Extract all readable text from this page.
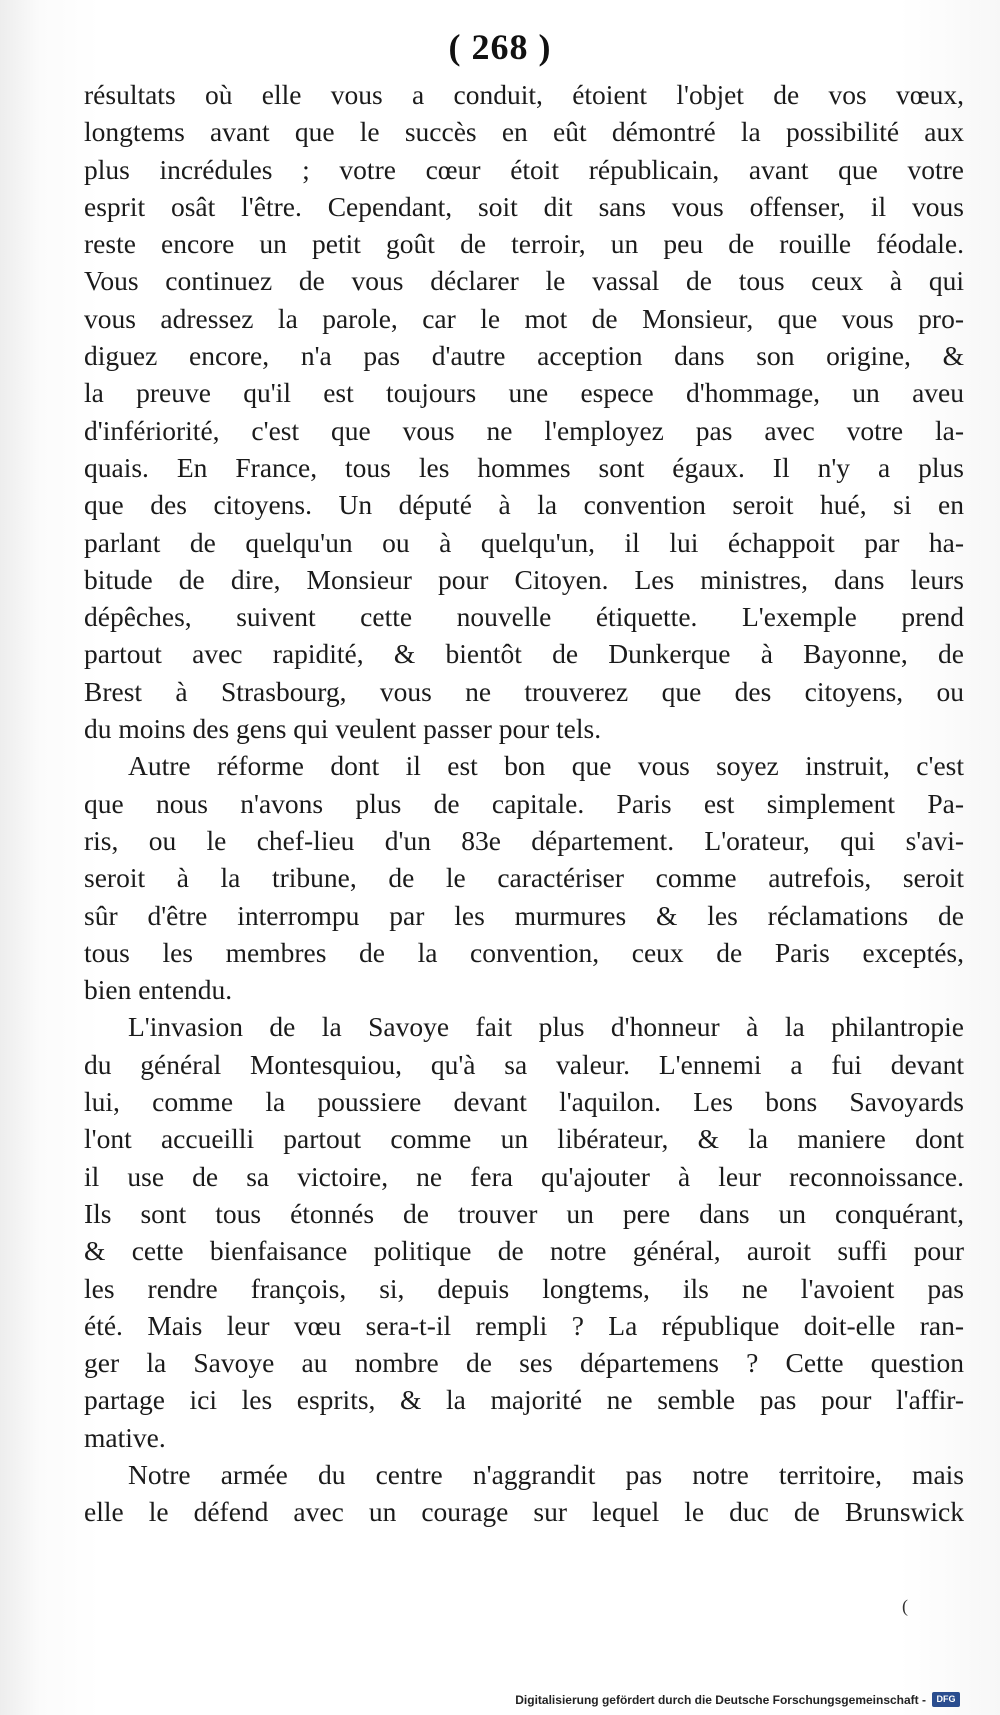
( 268 )
résultats où elle vous a conduit, étoient l'objet de vos vœux,
longtems avant que le succès en eût démontré la possibilité aux
plus incrédules ; votre cœur étoit républicain, avant que votre
esprit osât l'être. Cependant, soit dit sans vous offenser, il vous
reste encore un petit goût de terroir, un peu de rouille féodale.
Vous continuez de vous déclarer le vassal de tous ceux à qui
vous adressez la parole, car le mot de Monsieur, que vous pro-
diguez encore, n'a pas d'autre acception dans son origine, &
la preuve qu'il est toujours une espece d'hommage, un aveu
d'infériorité, c'est que vous ne l'employez pas avec votre la-
quais. En France, tous les hommes sont égaux. Il n'y a plus
que des citoyens. Un député à la convention seroit hué, si en
parlant de quelqu'un ou à quelqu'un, il lui échappoit par ha-
bitude de dire, Monsieur pour Citoyen. Les ministres, dans leurs
dépêches, suivent cette nouvelle étiquette. L'exemple prend
partout avec rapidité, & bientôt de Dunkerque à Bayonne, de
Brest à Strasbourg, vous ne trouverez que des citoyens, ou
du moins des gens qui veulent passer pour tels.
Autre réforme dont il est bon que vous soyez instruit, c'est
que nous n'avons plus de capitale. Paris est simplement Pa-
ris, ou le chef-lieu d'un 83e département. L'orateur, qui s'avi-
seroit à la tribune, de le caractériser comme autrefois, seroit
sûr d'être interrompu par les murmures & les réclamations de
tous les membres de la convention, ceux de Paris exceptés,
bien entendu.
L'invasion de la Savoye fait plus d'honneur à la philantropie
du général Montesquiou, qu'à sa valeur. L'ennemi a fui devant
lui, comme la poussiere devant l'aquilon. Les bons Savoyards
l'ont accueilli partout comme un libérateur, & la maniere dont
il use de sa victoire, ne fera qu'ajouter à leur reconnoissance.
Ils sont tous étonnés de trouver un pere dans un conquérant,
& cette bienfaisance politique de notre général, auroit suffi pour
les rendre françois, si, depuis longtems, ils ne l'avoient pas
été. Mais leur vœu sera-t-il rempli ? La république doit-elle ran-
ger la Savoye au nombre de ses départemens ? Cette question
partage ici les esprits, & la majorité ne semble pas pour l'affir-
mative.
Notre armée du centre n'aggrandit pas notre territoire, mais
elle le défend avec un courage sur lequel le duc de Brunswick
(
Digitalisierung gefördert durch die Deutsche Forschungsgemeinschaft -	DFG
